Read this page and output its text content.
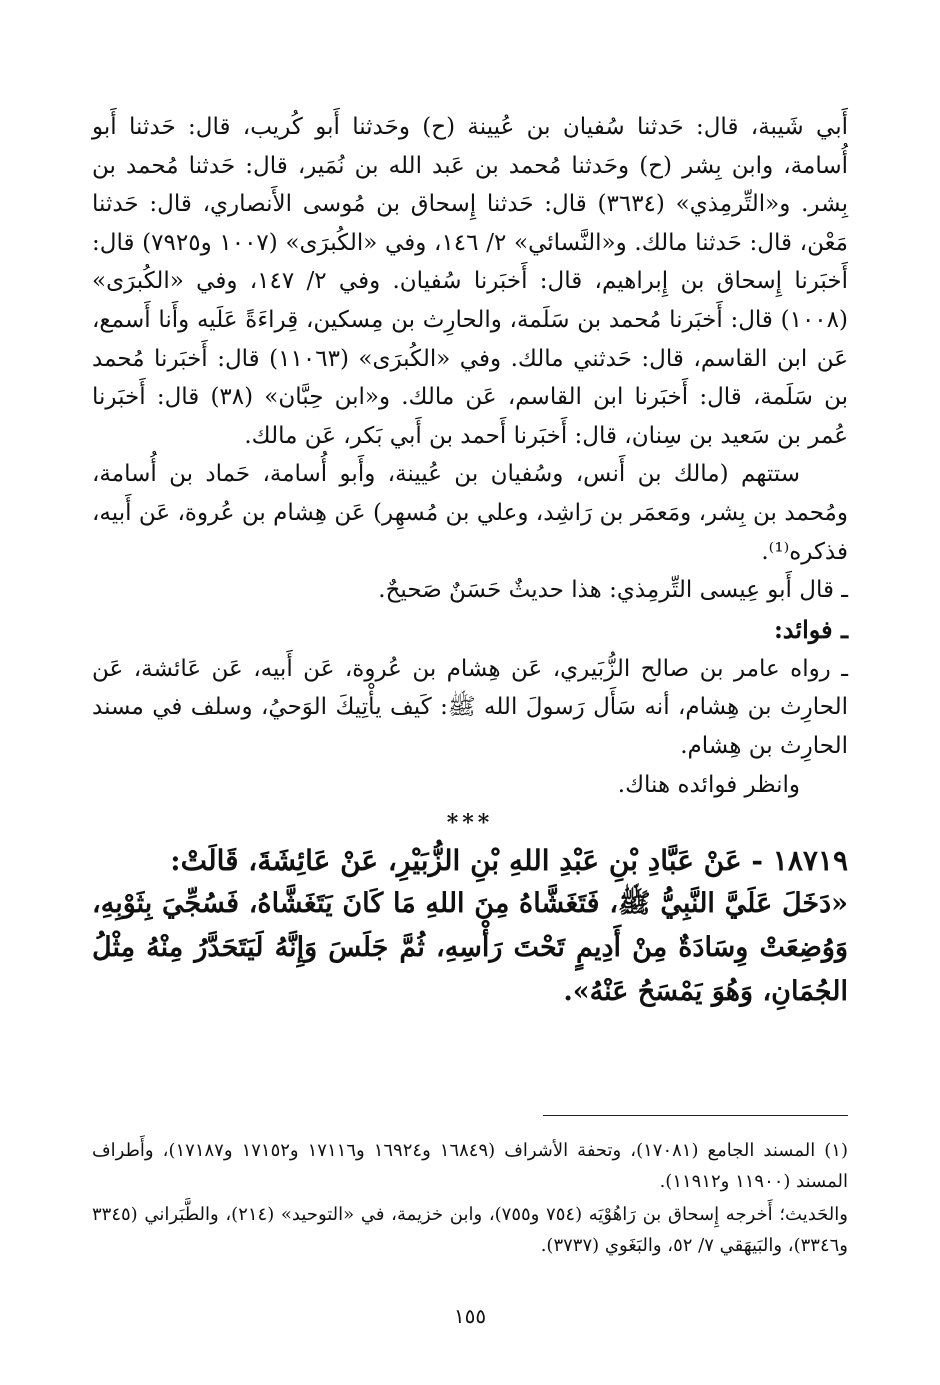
أَبي شَيبة، قال: حَدثنا سُفيان بن عُيينة (ح) وحَدثنا أَبو كُريب، قال: حَدثنا أَبو أُسامة، وابن بِشر (ح) وحَدثنا مُحمد بن عَبد الله بن نُمَير، قال: حَدثنا مُحمد بن بِشر. و«التِّرمِذي» (٣٦٣٤) قال: حَدثنا إِسحاق بن مُوسى الأَنصاري، قال: حَدثنا مَعْن، قال: حَدثنا مالك. و«النَّسائي» ٢/ ١٤٦، وفي «الكُبرَى» (١٠٠٧ و٧٩٢٥) قال: أَخبَرنا إِسحاق بن إِبراهيم، قال: أَخبَرنا سُفيان. وفي ٢/ ١٤٧، وفي «الكُبرَى» (١٠٠٨) قال: أَخبَرنا مُحمد بن سَلَمة، والحارِث بن مِسكين، قِراءَةً عَلَيه وأَنا أَسمع، عَن ابن القاسم، قال: حَدثني مالك. وفي «الكُبرَى» (١١٠٦٣) قال: أَخبَرنا مُحمد بن سَلَمة، قال: أَخبَرنا ابن القاسم، عَن مالك. و«ابن حِبَّان» (٣٨) قال: أَخبَرنا عُمر بن سَعيد بن سِنان، قال: أَخبَرنا أَحمد بن أَبي بَكر، عَن مالك.

ستتهم (مالك بن أَنس، وسُفيان بن عُيينة، وأَبو أُسامة، حَماد بن أُسامة، ومُحمد بن بِشر، ومَعمَر بن رَاشِد، وعلي بن مُسهِر) عَن هِشام بن عُروة، عَن أَبيه، فذكره⁽¹⁾.

ـ قال أَبو عِيسى التِّرمِذي: هذا حديثٌ حَسَنٌ صَحيحٌ.

ـ فوائد:

ـ رواه عامر بن صالح الزُّبَيري، عَن هِشام بن عُروة، عَن أَبيه، عَن عَائشة، عَن الحارِث بن هِشام، أنه سَأَل رَسولَ الله ﷺ: كَيف يأْتِيكَ الوَحيُ، وسلف في مسند الحارِث بن هِشام.

وانظر فوائده هناك.

***

١٨٧١٩ - عَنْ عَبَّادِ بْنِ عَبْدِ اللهِ بْنِ الزُّبَيْرِ، عَنْ عَائِشَةَ، قَالَتْ:

«دَخَلَ عَلَيَّ النَّبِيُّ ﷺ، فَتَغَشَّاهُ مِنَ اللهِ مَا كَانَ يَتَغَشَّاهُ، فَسُجِّيَ بِثَوْبِهِ، وَوُضِعَتْ وِسَادَةٌ مِنْ أَدِيمٍ تَحْتَ رَأْسِهِ، ثُمَّ جَلَسَ وَإِنَّهُ لَيَتَحَدَّرُ مِنْهُ مِثْلُ الجُمَانِ، وَهُوَ يَمْسَحُ عَنْهُ».

(١) المسند الجامع (١٧٠٨١)، وتحفة الأشراف (١٦٨٤٩ و١٦٩٢٤ و١٧١١٦ و١٧١٥٢ و١٧١٨٧)، وأَطراف المسند (١١٩٠٠ و١١٩١٢).

والحَديث؛ أَخرجه إِسحاق بن رَاهُوْيَه (٧٥٤ و٧٥٥)، وابن خزيمة، في «التوحيد» (٢١٤)، والطَّبَراني (٣٣٤٥ و٣٣٤٦)، والبَيهَقي ٧/ ٥٢، والبَغَوي (٣٧٣٧).

١٥٥
